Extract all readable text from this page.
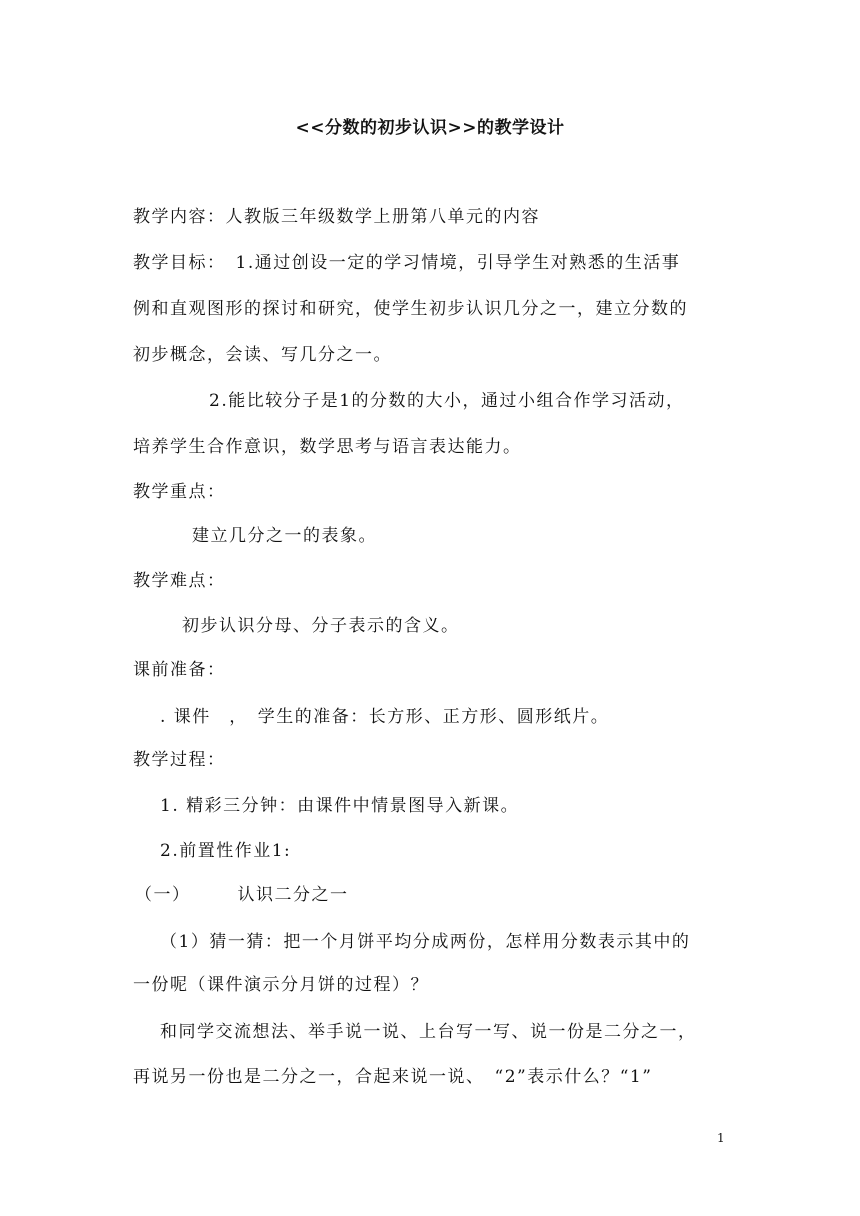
<<分数的初步认识>>的教学设计
教学内容：人教版三年级数学上册第八单元的内容
教学目标：　1.通过创设一定的学习情境，引导学生对熟悉的生活事
例和直观图形的探讨和研究，使学生初步认识几分之一，建立分数的
初步概念，会读、写几分之一。
2.能比较分子是1的分数的大小，通过小组合作学习活动，
培养学生合作意识，数学思考与语言表达能力。
教学重点：
建立几分之一的表象。
教学难点：
初步认识分母、分子表示的含义。
课前准备：
. 课件　，　学生的准备：长方形、正方形、圆形纸片。
教学过程：
1. 精彩三分钟：由课件中情景图导入新课。
2.前置性作业1:
（一）　　　认识二分之一
（1）猜一猜：把一个月饼平均分成两份，怎样用分数表示其中的
一份呢（课件演示分月饼的过程）？
和同学交流想法、举手说一说、上台写一写、说一份是二分之一，
再说另一份也是二分之一，合起来说一说、　“2”表示什么？“1”
1
